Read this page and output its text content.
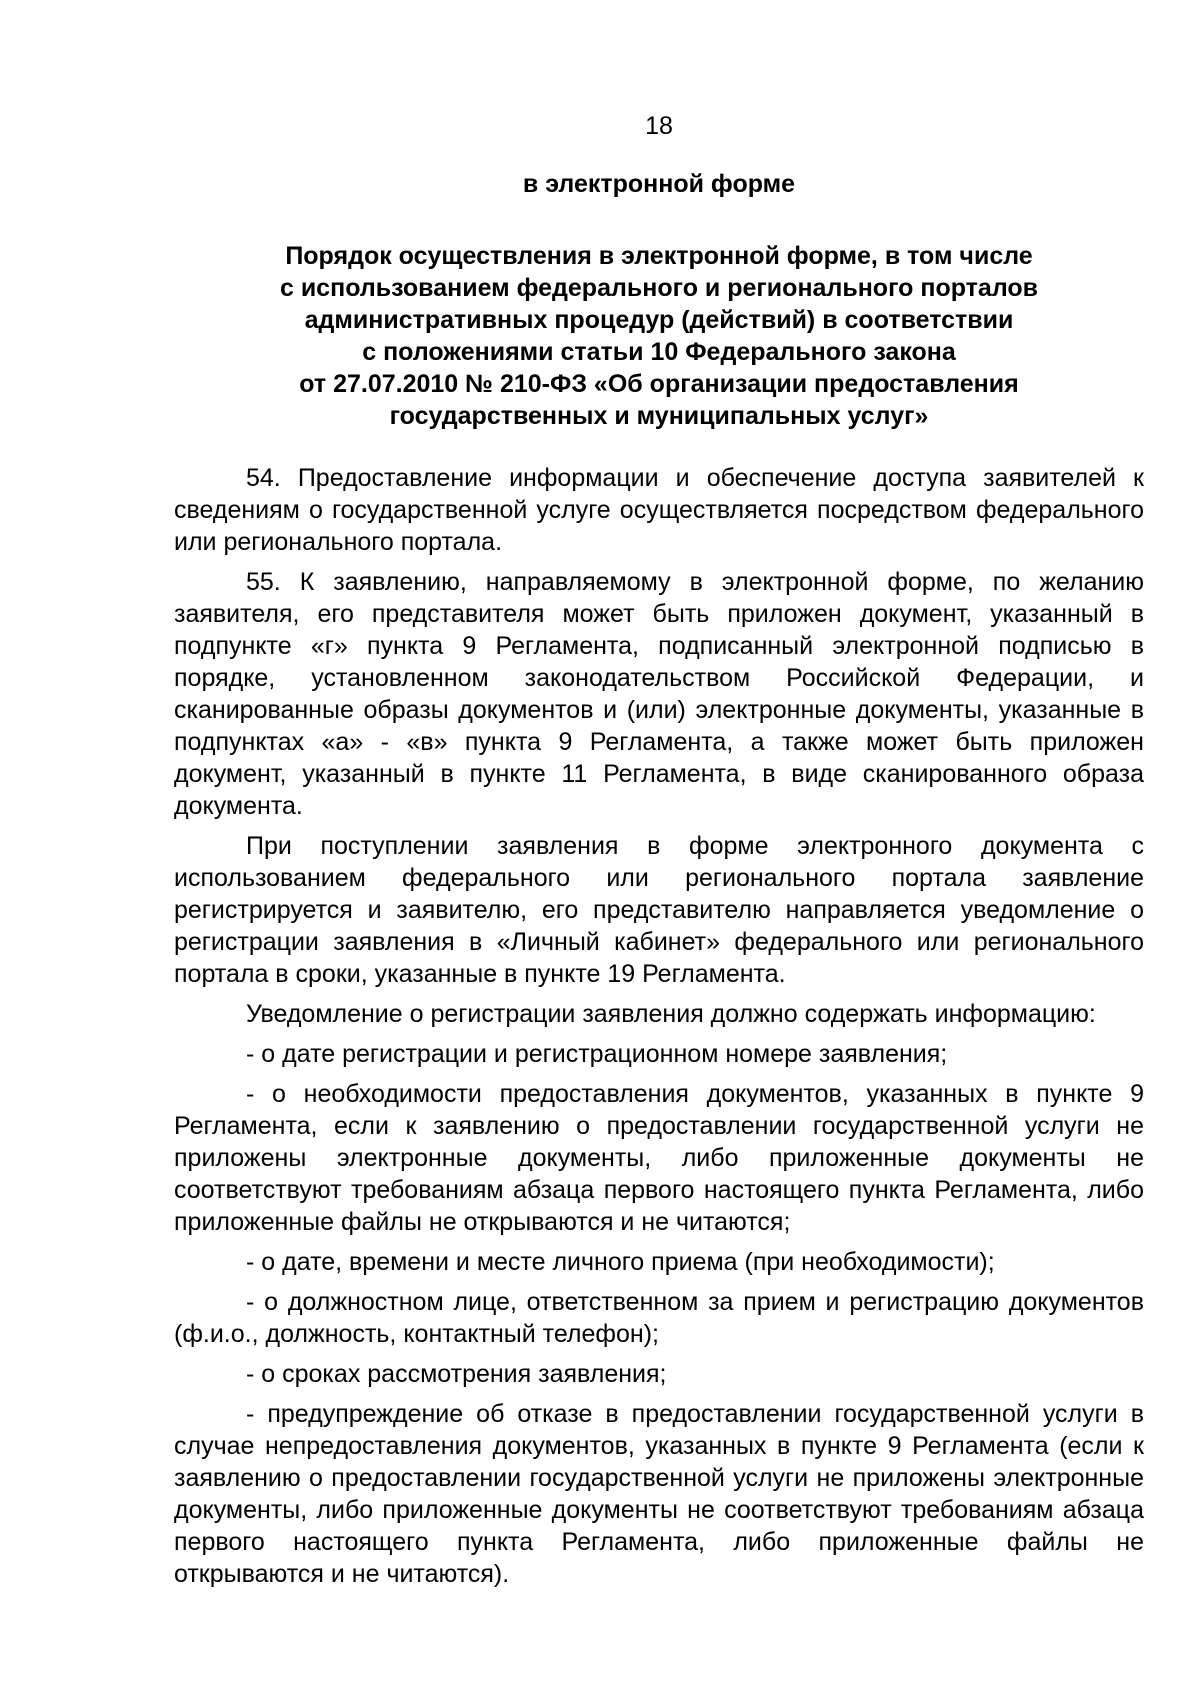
18
в электронной форме
Порядок осуществления в электронной форме, в том числе
с использованием федерального и регионального порталов
административных процедур (действий) в соответствии
с положениями статьи 10 Федерального закона
от 27.07.2010 № 210-ФЗ «Об организации предоставления
государственных и муниципальных услуг»

54. Предоставление информации и обеспечение доступа заявителей к сведениям о государственной услуге осуществляется посредством федерального или регионального портала.

55. К заявлению, направляемому в электронной форме, по желанию заявителя, его представителя может быть приложен документ, указанный в подпункте «г» пункта 9 Регламента, подписанный электронной подписью в порядке, установленном законодательством Российской Федерации, и сканированные образы документов и (или) электронные документы, указанные в подпунктах «а» - «в» пункта 9 Регламента, а также может быть приложен документ, указанный в пункте 11 Регламента, в виде сканированного образа документа.

При поступлении заявления в форме электронного документа с использованием федерального или регионального портала заявление регистрируется и заявителю, его представителю направляется уведомление о регистрации заявления в «Личный кабинет» федерального или регионального портала в сроки, указанные в пункте 19 Регламента.

Уведомление о регистрации заявления должно содержать информацию:

- о дате регистрации и регистрационном номере заявления;

- о необходимости предоставления документов, указанных в пункте 9 Регламента, если к заявлению о предоставлении государственной услуги не приложены электронные документы, либо приложенные документы не соответствуют требованиям абзаца первого настоящего пункта Регламента, либо приложенные файлы не открываются и не читаются;

- о дате, времени и месте личного приема (при необходимости);

- о должностном лице, ответственном за прием и регистрацию документов (ф.и.о., должность, контактный телефон);

- о сроках рассмотрения заявления;

- предупреждение об отказе в предоставлении государственной услуги в случае непредоставления документов, указанных в пункте 9 Регламента (если к заявлению о предоставлении государственной услуги не приложены электронные документы, либо приложенные документы не соответствуют требованиям абзаца первого настоящего пункта Регламента, либо приложенные файлы не открываются и не читаются).
